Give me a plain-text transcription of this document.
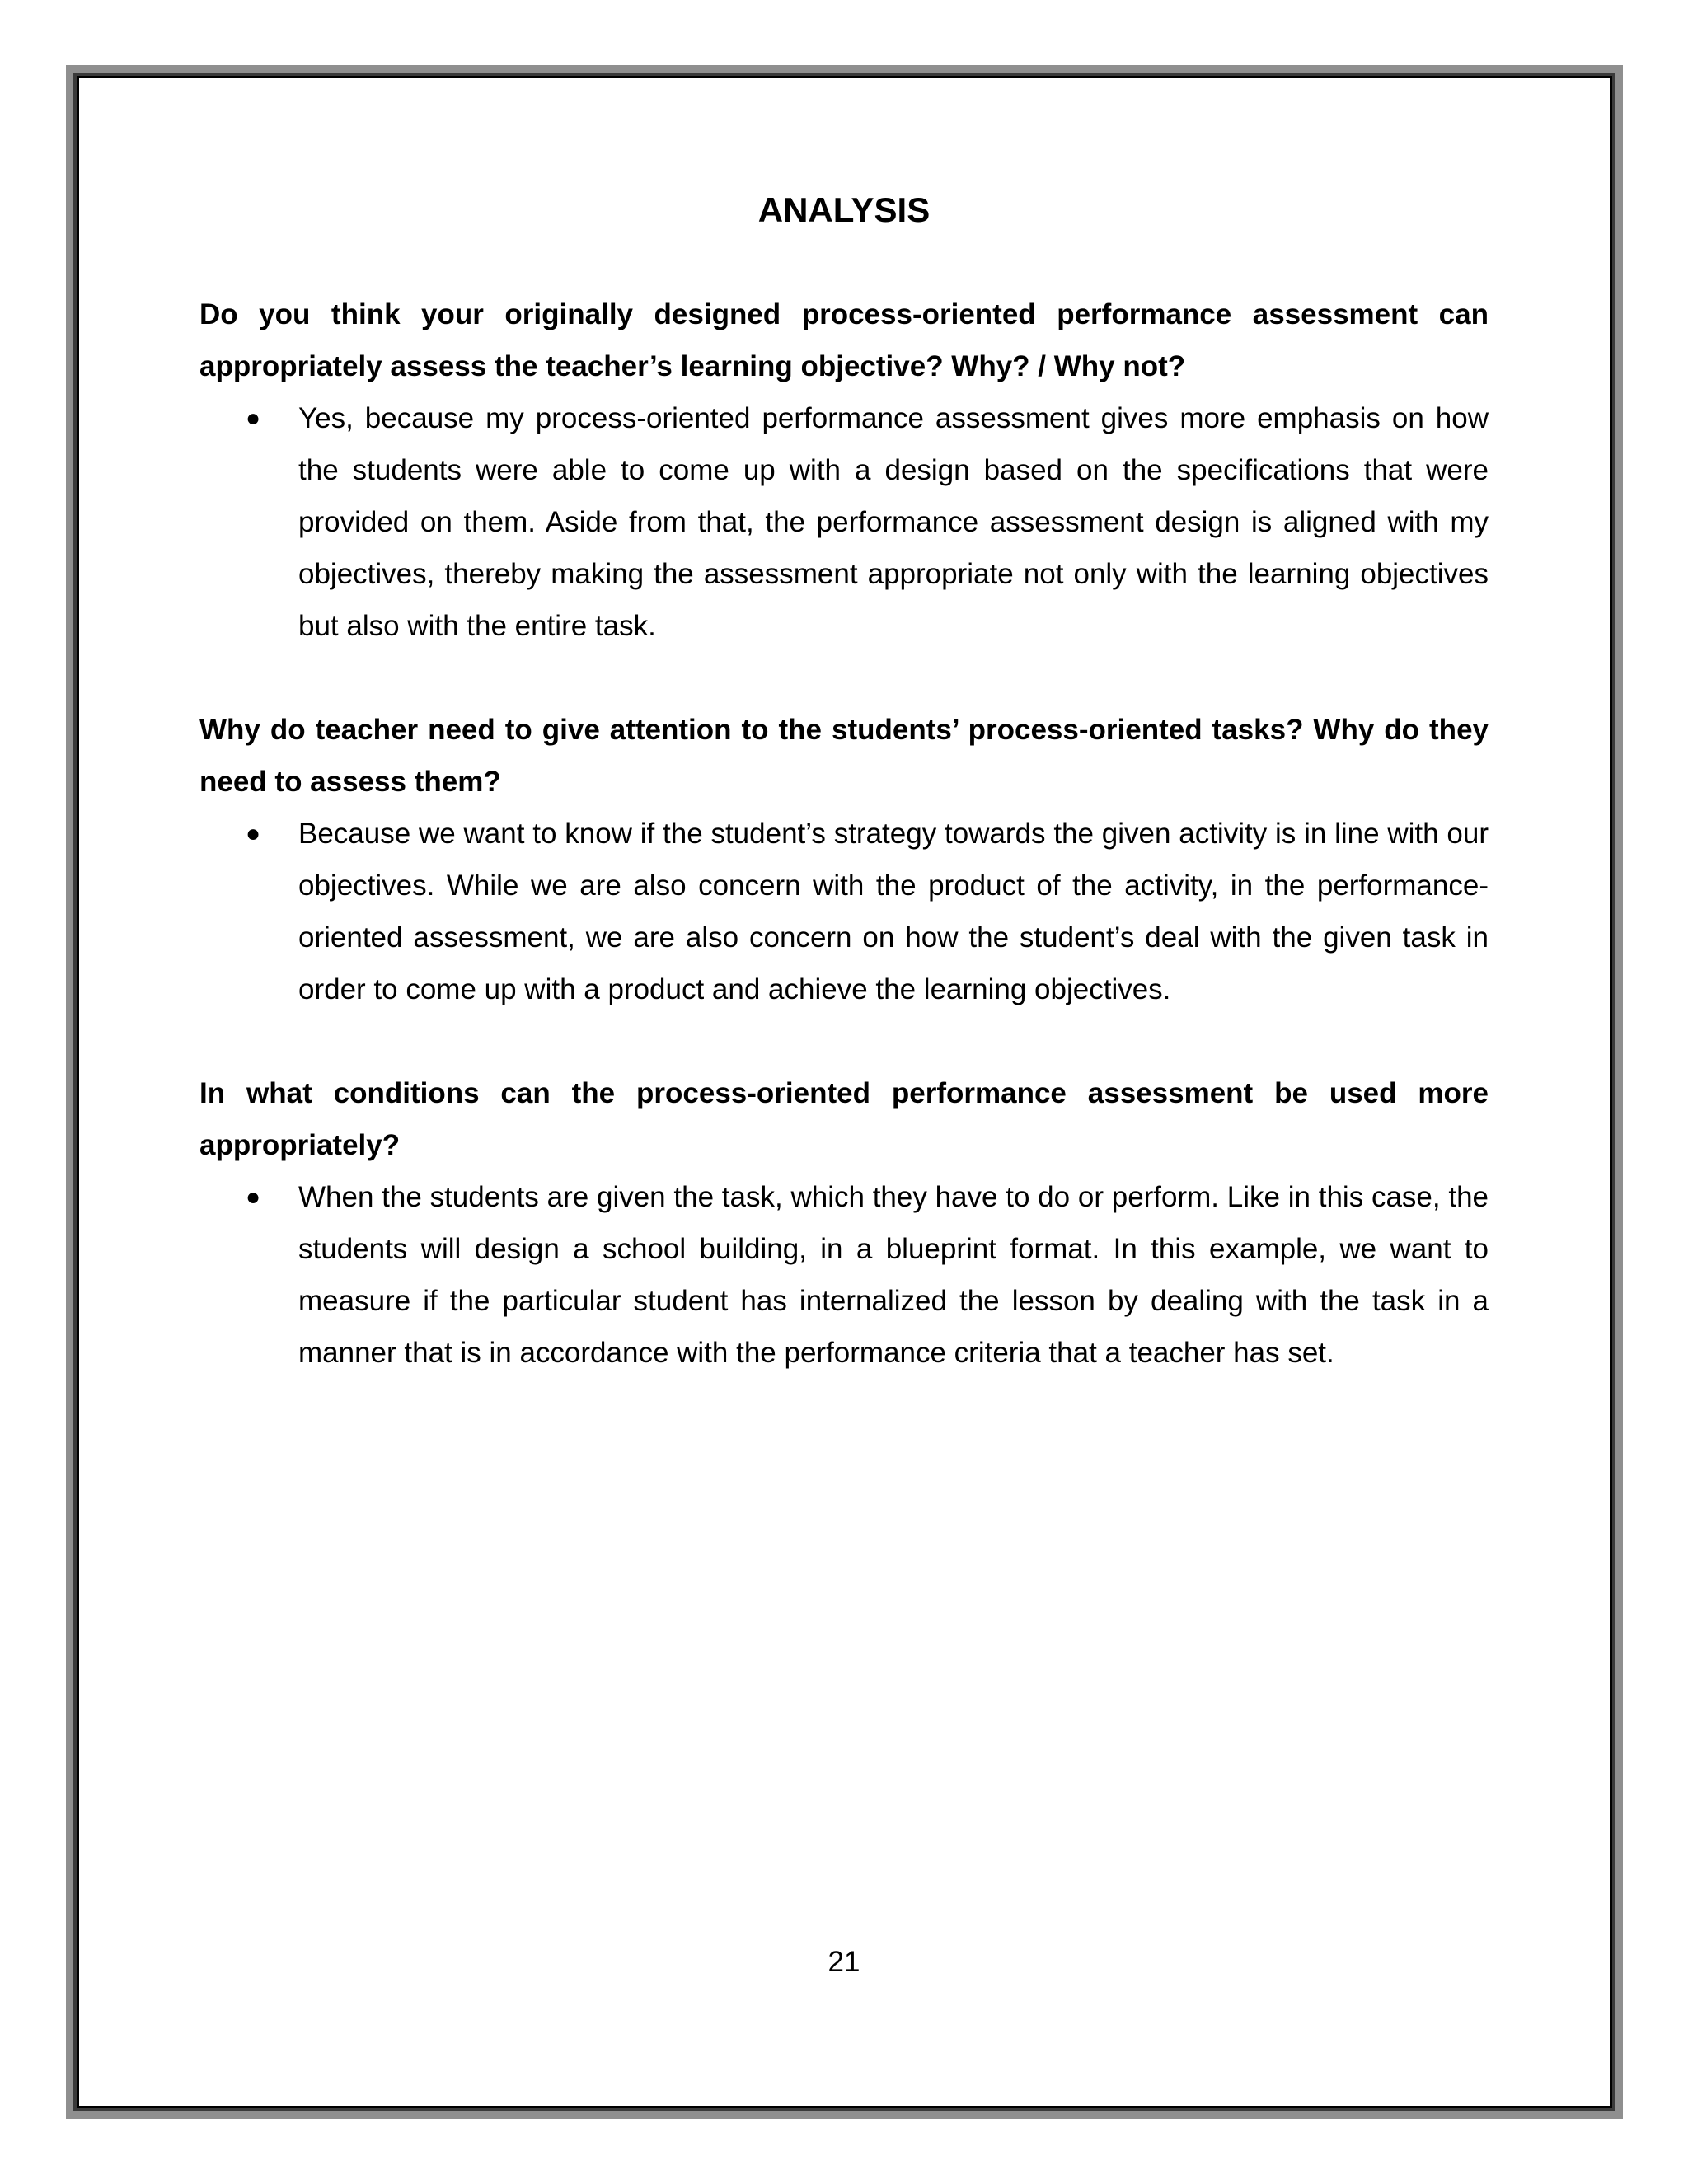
ANALYSIS

Do you think your originally designed process-oriented performance assessment can appropriately assess the teacher’s learning objective? Why? / Why not?

● Yes, because my process-oriented performance assessment gives more emphasis on how the students were able to come up with a design based on the specifications that were provided on them. Aside from that, the performance assessment design is aligned with my objectives, thereby making the assessment appropriate not only with the learning objectives but also with the entire task.

Why do teacher need to give attention to the students’ process-oriented tasks? Why do they need to assess them?

● Because we want to know if the student’s strategy towards the given activity is in line with our objectives. While we are also concern with the product of the activity, in the performance-oriented assessment, we are also concern on how the student’s deal with the given task in order to come up with a product and achieve the learning objectives.

In what conditions can the process-oriented performance assessment be used more appropriately?

● When the students are given the task, which they have to do or perform. Like in this case, the students will design a school building, in a blueprint format. In this example, we want to measure if the particular student has internalized the lesson by dealing with the task in a manner that is in accordance with the performance criteria that a teacher has set.
21
